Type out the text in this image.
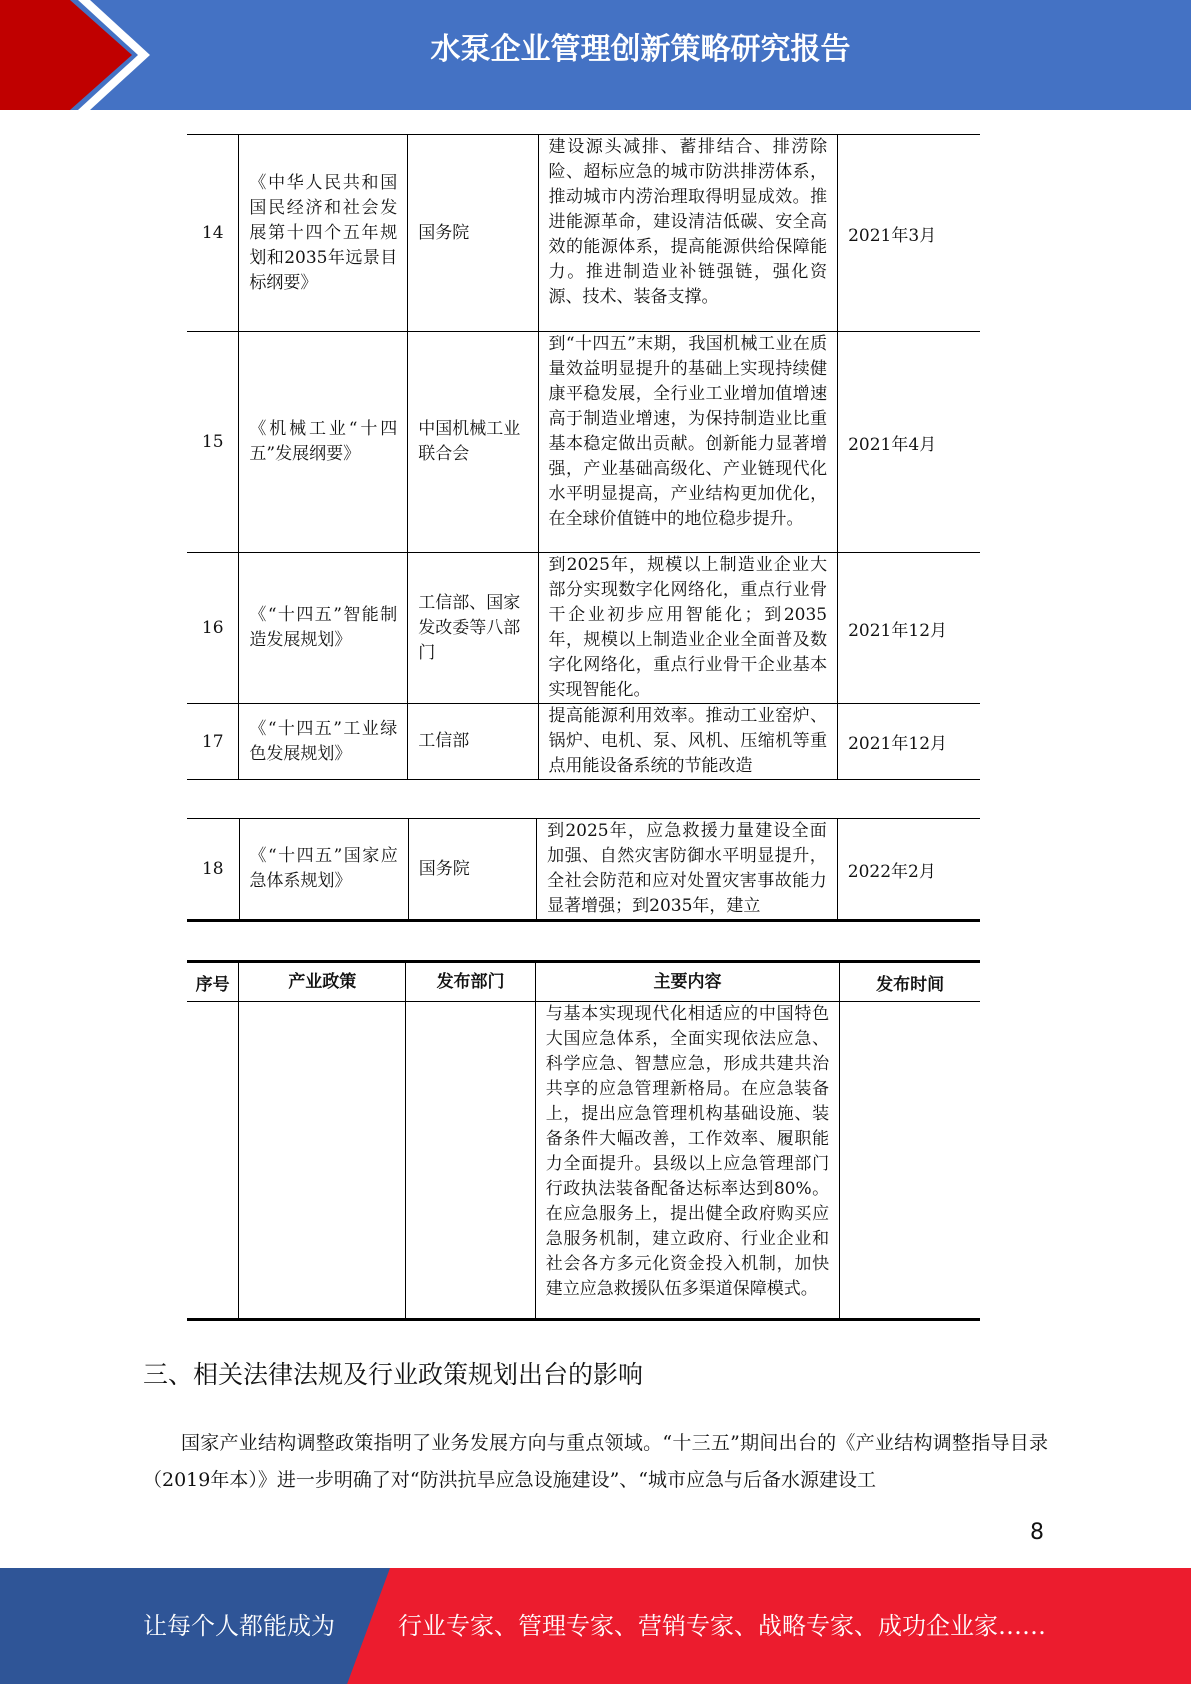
水泵企业管理创新策略研究报告
14	《中华人民共和国国民经济和社会发展第十四个五年规划和2035年远景目标纲要》	国务院	建设源头减排、蓄排结合、排涝除险、超标应急的城市防洪排涝体系，推动城市内涝治理取得明显成效。推进能源革命，建设清洁低碳、安全高效的能源体系，提高能源供给保障能力。推进制造业补链强链，强化资源、技术、装备支撑。	2021年3月
15	《机械工业“十四五”发展纲要》	中国机械工业联合会	到“十四五”末期，我国机械工业在质量效益明显提升的基础上实现持续健康平稳发展，全行业工业增加值增速高于制造业增速，为保持制造业比重基本稳定做出贡献。创新能力显著增强，产业基础高级化、产业链现代化水平明显提高，产业结构更加优化，在全球价值链中的地位稳步提升。	2021年4月
16	《“十四五”智能制造发展规划》	工信部、国家发改委等八部门	到2025年，规模以上制造业企业大部分实现数字化网络化，重点行业骨干企业初步应用智能化；到2035年，规模以上制造业企业全面普及数字化网络化，重点行业骨干企业基本实现智能化。	2021年12月
17	《“十四五”工业绿色发展规划》	工信部	提高能源利用效率。推动工业窑炉、锅炉、电机、泵、风机、压缩机等重点用能设备系统的节能改造	2021年12月
18	《“十四五”国家应急体系规划》	国务院	到2025年，应急救援力量建设全面加强、自然灾害防御水平明显提升，全社会防范和应对处置灾害事故能力显著增强；到2035年，建立	2022年2月
序号	产业政策	发布部门	主要内容	发布时间
			与基本实现现代化相适应的中国特色大国应急体系，全面实现依法应急、科学应急、智慧应急，形成共建共治共享的应急管理新格局。在应急装备上，提出应急管理机构基础设施、装备条件大幅改善，工作效率、履职能力全面提升。县级以上应急管理部门行政执法装备配备达标率达到80%。在应急服务上，提出健全政府购买应急服务机制，建立政府、行业企业和社会各方多元化资金投入机制，加快建立应急救援队伍多渠道保障模式。	
三、相关法律法规及行业政策规划出台的影响
国家产业结构调整政策指明了业务发展方向与重点领域。“十三五”期间出台的《产业结构调整指导目录（2019年本）》进一步明确了对“防洪抗旱应急设施建设”、“城市应急与后备水源建设工
8
让每个人都能成为	行业专家、管理专家、营销专家、战略专家、成功企业家……
